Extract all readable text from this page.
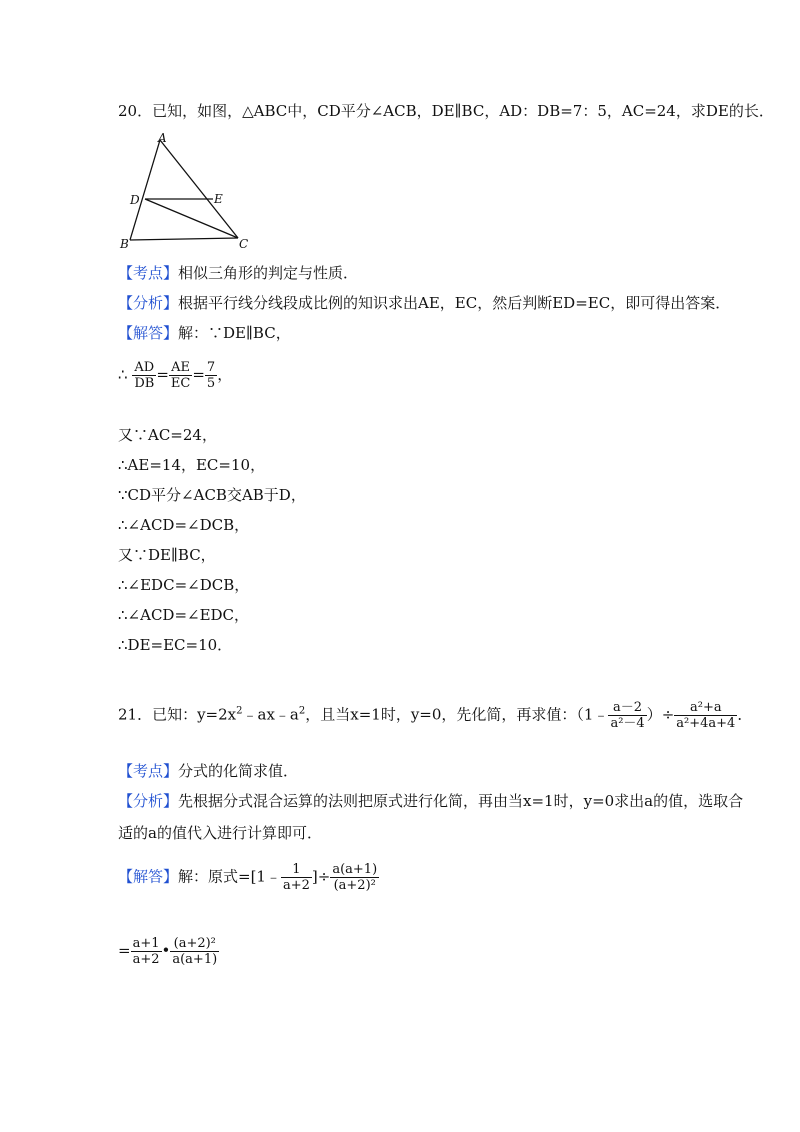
20．已知，如图，△ABC中，CD平分∠ACB，DE∥BC，AD：DB=7：5，AC=24，求DE的长．
A
D	E
B	C
【考点】相似三角形的判定与性质．
【分析】根据平行线分线段成比例的知识求出AE，EC，然后判断ED=EC，即可得出答案．
【解答】解：∵DE∥BC，
∴ $\frac{AD}{DB} = \frac{AE}{EC} = \frac{7}{5}$ ，
又∵AC=24，
∴AE=14，EC=10，
∵CD平分∠ACB交AB于D，
∴∠ACD=∠DCB，
又∵DE∥BC，
∴∠EDC=∠DCB，
∴∠ACD=∠EDC，
∴DE=EC=10．
21．已知：$y=2x^2﹣ax﹣a^2$，且当x=1时，y=0，先化简，再求值：（1﹣ $\frac{a-2}{\text{a²－4}}$ ）÷ $\frac{\text{a²+a}}{\text{a²+4a+4}}$ ．
【考点】分式的化简求值．
【分析】先根据分式混合运算的法则把原式进行化简，再由当x=1时，y=0求出a的值，选取合
适的a的值代入进行计算即可．
【解答】解：原式=[1﹣ $\frac{1}{a+2}$ ]÷ $\frac{a(a+1)}{\text{(a+2)²}}$
= $\frac{a+1}{a+2}$ • $\frac{\text{(a+2)²}}{a(a+1)}$
